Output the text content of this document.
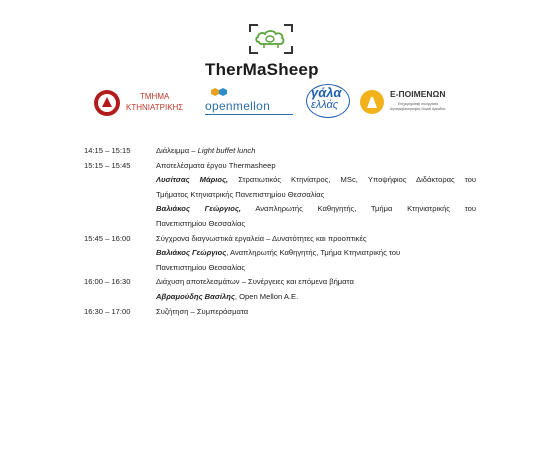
TherMaSheep
ΤΜΗΜΑ
ΚΤΗΝΙΑΤΡΙΚΗΣ openmellon
γάλα
ελλάς
Ε-ΠΟΙΜΕΝΩΝ
Επιχειρηματική συνεργασία
Αιγοπροβατοτροφίας Νομού Αρκαδίας
14:15 – 15:15	Διάλειμμα – Light buffet lunch
15:15 – 15:45	Αποτελέσματα έργου Thermasheep
Λυσίτσας Μάριος, Στρατιωτικός Κτηνίατρος, MSc, Υποψήφιος Διδάκτορας του
Τμήματος Κτηνιατρικής Πανεπιστημίου Θεσσαλίας
Βαλιάκος Γεώργιος, Αναπληρωτής Καθηγητής, Τμήμα Κτηνιατρικής του
Πανεπιστημίου Θεσσαλίας
15:45 – 16:00	Σύγχρονα διαγνωστικά εργαλεία – Δυνατότητες και προοπτικές
Βαλιάκος Γεώργιος, Αναπληρωτής Καθηγητής, Τμήμα Κτηνιατρικής του
Πανεπιστημίου Θεσσαλίας
16:00 – 16:30	Διάχυση αποτελεσμάτων – Συνέργειες και επόμενα βήματα
Αβραμούδης Βασίλης, Open Mellon A.E.
16:30 – 17:00	Συζήτηση – Συμπεράσματα
